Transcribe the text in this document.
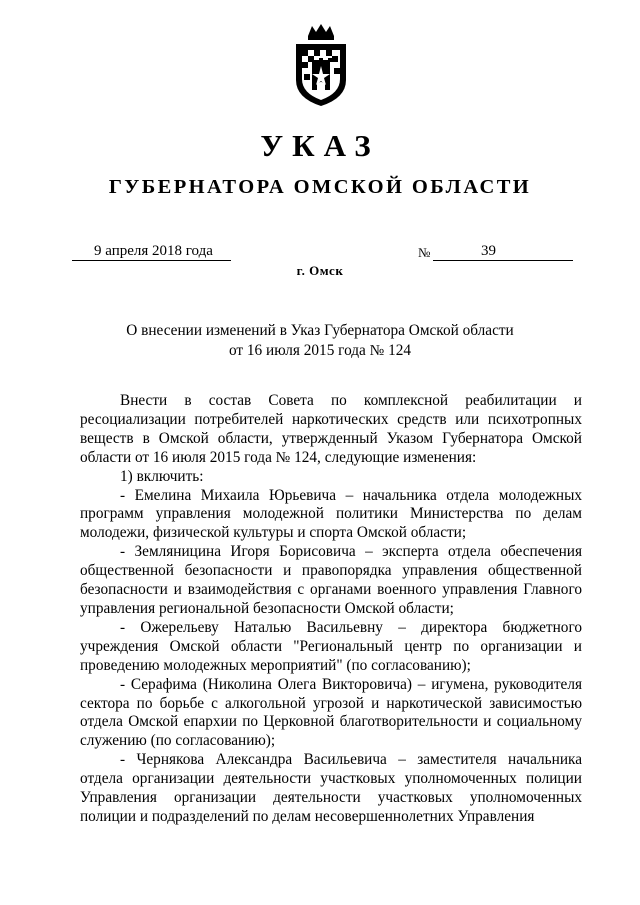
УКАЗ
ГУБЕРНАТОРА ОМСКОЙ ОБЛАСТИ
9 апреля 2018 года	№	39
г. Омск
О внесении изменений в Указ Губернатора Омской области
от 16 июля 2015 года № 124
Внести в состав Совета по комплексной реабилитации и ресоциализации потребителей наркотических средств или психотропных веществ в Омской области, утвержденный Указом Губернатора Омской области от 16 июля 2015 года № 124, следующие изменения:
1) включить:
- Емелина Михаила Юрьевича – начальника отдела молодежных программ управления молодежной политики Министерства по делам молодежи, физической культуры и спорта Омской области;
- Земляницина Игоря Борисовича – эксперта отдела обеспечения общественной безопасности и правопорядка управления общественной безопасности и взаимодействия с органами военного управления Главного управления региональной безопасности Омской области;
- Ожерельеву Наталью Васильевну – директора бюджетного учреждения Омской области "Региональный центр по организации и проведению молодежных мероприятий" (по согласованию);
- Серафима (Николина Олега Викторовича) – игумена, руководителя сектора по борьбе с алкогольной угрозой и наркотической зависимостью отдела Омской епархии по Церковной благотворительности и социальному служению (по согласованию);
- Чернякова Александра Васильевича – заместителя начальника отдела организации деятельности участковых уполномоченных полиции Управления организации деятельности участковых уполномоченных полиции и подразделений по делам несовершеннолетних Управления
